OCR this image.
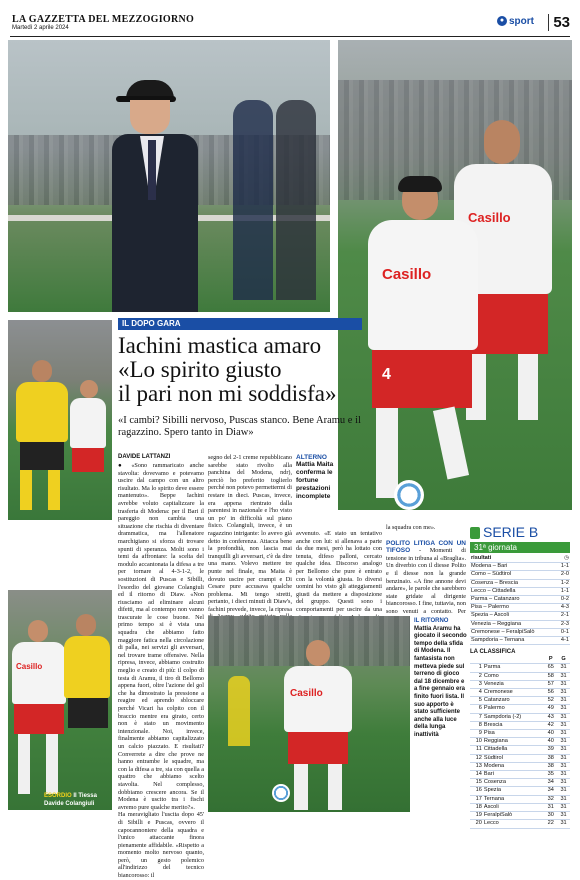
LA GAZZETTA DEL MEZZOGIORNO
Martedì 2 aprile 2024
● sport	53
Casillo
Casillo
4
Casillo
ESORDIO Il Tiessa Davide Colangiuli
IL DOPO GARA
Iachini mastica amaro
«Lo spirito giusto
il pari non mi soddisfa»
«I cambi? Sibilli nervoso, Puscas stanco. Bene Aramu e il ragazzino. Spero tanto in Diaw»
DAVIDE LATTANZI
● «Sono rammaricato anche stavolta: dovevamo e potevamo uscire dal campo con un altro risultato. Ma lo spirito deve essere mantenuto». Beppe Iachini avrebbe voluto capitalizzare la trasferta di Modena: per il Bari il pareggio non cambia una situazione che rischia di diventare drammatica, ma l'allenatore marchigiano si sforza di trovare spunti di speranza. Molti sono i temi da affrontare: la scelta del modulo accantonata la difesa a tre per tornare al 4-3-1-2, le sostituzioni di Puscas e Sibilli, l'esordio del giovane Colangiuli ed il ritorno di Diaw. «Non riusciamo ad eliminare alcuni difetti, ma al contempo non vanno trascurate le cose buone. Nel primo tempo si è vista una squadra che abbiamo fatto maggiore fatica nella circolazione di palla, nei servizi gli avversari, nel trovare trame offensive. Nella ripresa, invece, abbiamo costruito meglio e creato di più: il colpo di testa di Aramu, il tiro di Bellomo appena fuori, oltre l'azione del gol che ha dimostrato la pressione a reagire ed aprendo sbloccare perché Vicari ha colpito con il braccio mentre era girato, certo non è stato un movimento intenzionale. Noi, invece, finalmente abbiamo capitalizzato un calcio piazzato. E risultati? Converrete a dire che prove ne hanno entrambe le squadre, ma con la difesa a tre, sia con quella a quattro che abbiamo scelto stavolta. Nel complesso, dobbiamo crescere ancora. Se il Modena è uscito tra i fischi avremo pure qualche merito?».
Ha meravigliato l'uscita dopo 45' di Sibilli e Puscas, ovvero il capocannoniere della squadra e l'unico attaccante finora pienamente affidabile. «Rispetto a momento molto nervoso quanto, però, un gesto polemico all'indirizzo del tecnico biancorosso: il
segno del 2-1 creme repubblicano sarebbe stato rivolto alla panchina del Modena, ndr), perciò ho preferito toglierlo perché non potevo permettermi di restare in dieci. Puscas, invece, era appena rientrato dalla parentesi in nazionale e l'ho visto un po' in difficoltà sul piano fisico. Colangiuli, invece, è un ragazzino intrigante: lo avevo già detto in conferenza. Attacca bene la profondità, non lascia mai tranquilli gli avversari, c'è da dire una mano. Volevo mettere tre punte nel finale, ma Maita è dovuto uscire per crampi e Di Cesare pure accusava qualche problema. Mi tengo stretti, pertanto, i dieci minuti di Diaw's, fachini prevede, invece, la ripresa
ALTERNO
Mattia Maita conferma le fortune prestazioni incomplete
avvenuto. «E stato un tentativo anche con lui: si allenava a parte da due mesi, però ha lottato con tenuta, difeso palloni, cercato qualche idea. Discorso analogo per Bellomo che pure è entrato con la volontà giusta. Io diversi uomini ho visto gli atteggiamenti giusti da mettere a disposizione del gruppo. Questi sono i comportamenti per uscire da una
la squadra con me».
POLITO LITIGA CON UN TIFOSO - Momenti di tensione in tribuna al «Braglia». Un diverbio con il diesse Polito e il diesse non la grande benzinaio. «A fine annone devi andare», le parole che sarebbero state gridate al dirigente biancorosso. I fine, tuttavia, non sono venuti a contatto. Per
Casillo
IL RITORNO
Mattia Aramu ha giocato il secondo tempo della sfida di Modena. Il fantasista non metteva piede sul terreno di gioco dal 18 dicembre e a fine gennaio era finito fuori lista. Il suo apporto è stato sufficiente anche alla luce della lunga inattività
SERIE B
31ª giornata
risultati	◷
Modena – Bari	1-1
Como – Südtirol	2-0
Cosenza – Brescia	1-2
Lecco – Cittadella	1-1
Parma – Catanzaro	0-2
Pisa – Palermo	4-3
Spezia – Ascoli	2-1
Venezia – Reggiana	2-3
Cremonese – FeralpiSalò	0-1
Sampdoria – Ternana	4-1
LA CLASSIFICA
		P	G
1	Parma	65	31
2	Como	58	31
3	Venezia	57	31
4	Cremonese	56	31
5	Catanzaro	52	31
6	Palermo	49	31
7	Sampdoria (-2)	43	31
8	Brescia	42	31
9	Pisa	40	31
10	Reggiana	40	31
11	Cittadella	39	31
12	Südtirol	38	31
13	Modena	38	31
14	Bari	35	31
15	Cosenza	34	31
16	Spezia	34	31
17	Ternana	32	31
18	Ascoli	31	31
19	FeralpiSalò	30	31
20	Lecco	22	31
